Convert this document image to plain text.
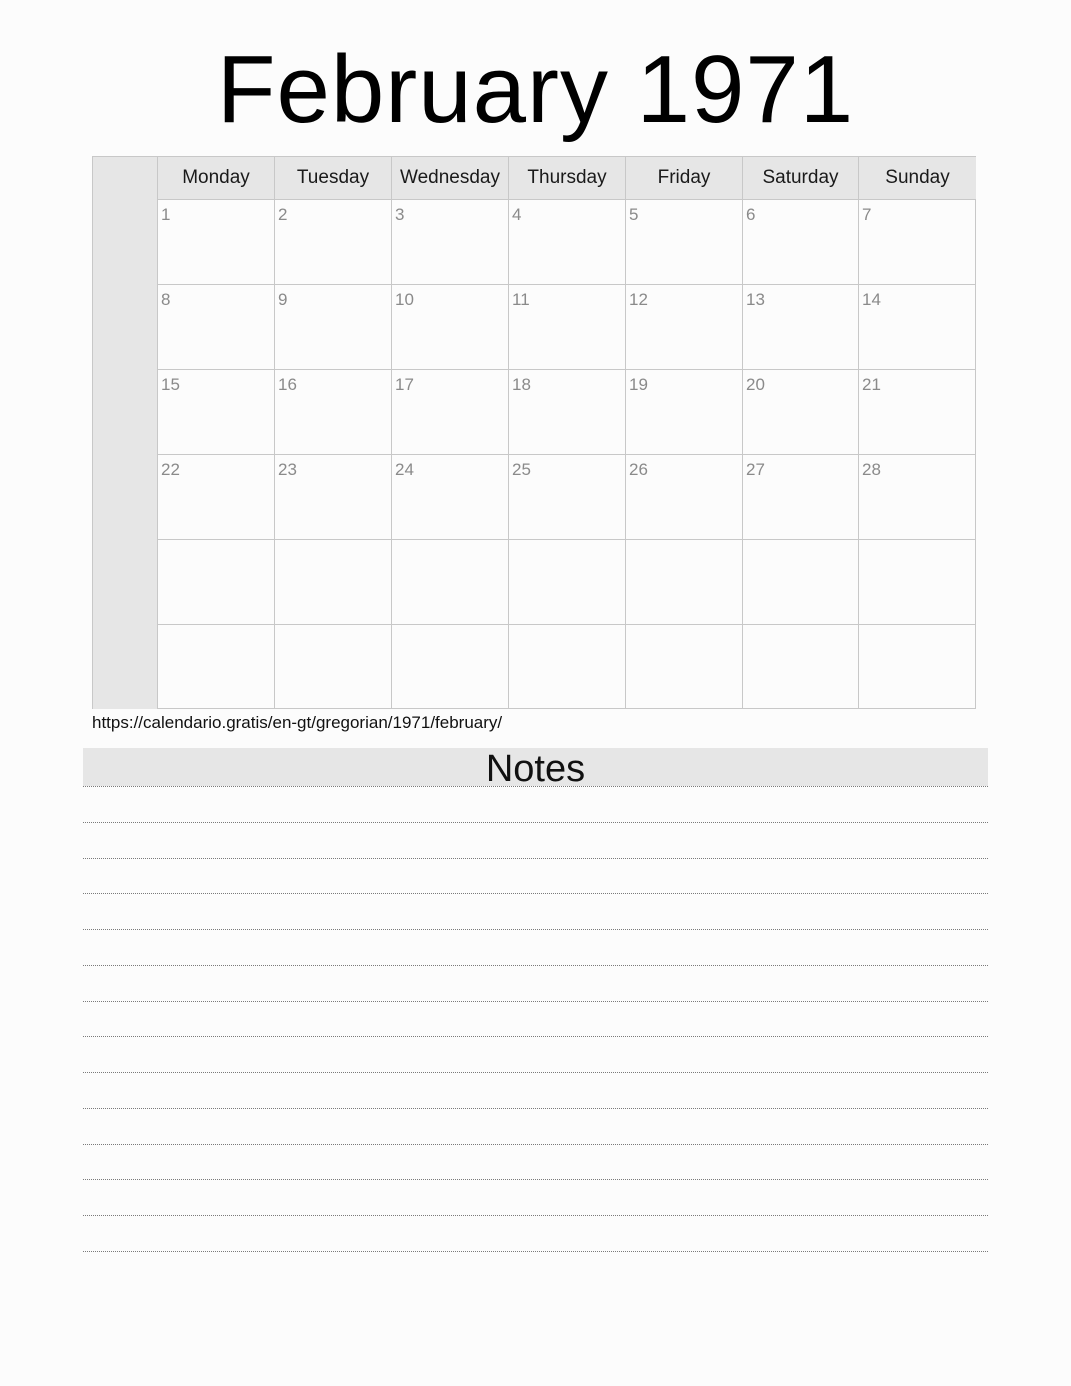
February 1971
Monday	Tuesday	Wednesday	Thursday	Friday	Saturday	Sunday
1	2	3	4	5	6	7
8	9	10	11	12	13	14
15	16	17	18	19	20	21
22	23	24	25	26	27	28
https://calendario.gratis/en-gt/gregorian/1971/february/
Notes
